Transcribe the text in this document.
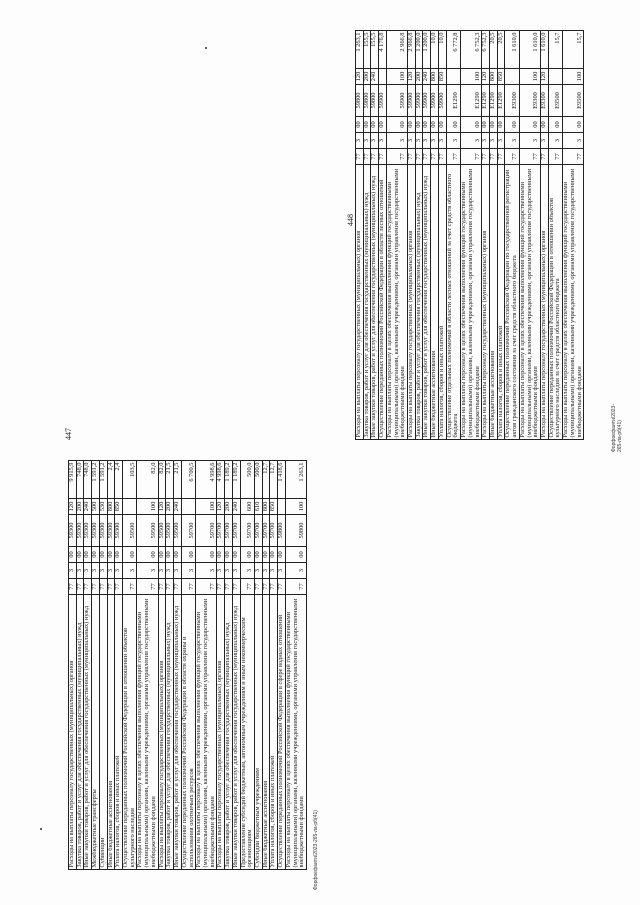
447
448
Форфоефаити/2023-265-ла-рб(41)
Форфоефаити/2023-265-ла-рб(41)
Расходы на выплаты персоналу государственных (муниципальных) органов	77	3	00	59300	120	9 915,9
Закупка товаров, работ и услуг для обеспечения государственных (муниципальных) нужд	77	3	00	59300	200	748,0
Иные закупки товаров, работ и услуг для обеспечения государственных (муниципальных) нужд	77	3	00	59300	240	748,0
Межбюджетные трансферты	77	3	00	59300	500	1 591,2
Субвенции	77	3	00	59300	530	1 591,2
Иные бюджетные ассигнования	77	3	00	59300	800	2,4
Уплата налогов, сборов и иных платежей	77	3	00	59300	850	2,4
Осуществление переданных полномочий Российской Федерации в отношении объектов культурного наследия	77	3	00	59500		103,5
Расходы на выплаты персоналу в целях обеспечения выполнения функций государственными (муниципальными) органами, казенными учреждениями, органами управления государственными внебюджетными фондами	77	3	00	59500	100	82,0
Расходы на выплаты персоналу государственных (муниципальных) органов	77	3	00	59500	120	82,0
Закупка товаров, работ и услуг для обеспечения государственных (муниципальных) нужд	77	3	00	59500	200	21,5
Иные закупки товаров, работ и услуг для обеспечения государственных (муниципальных) нужд	77	3	00	59500	240	21,5
Осуществление переданных полномочий Российской Федерации в области охраны и использования охотничьих ресурсов	77	3	00	59700		6 700,5
Расходы на выплаты персоналу в целях обеспечения выполнения функций государственными (муниципальными) органами, казенными учреждениями, органами управления государственными внебюджетными фондами	77	3	00	59700	100	4 998,6
Расходы на выплаты персоналу государственных (муниципальных) органов	77	3	00	59700	120	4 998,6
Закупка товаров, работ и услуг для обеспечения государственных (муниципальных) нужд	77	3	00	59700	200	1 189,2
Иные закупки товаров, работ и услуг для обеспечения государственных (муниципальных) нужд	77	3	00	59700	240	1 189,2
Предоставление субсидий бюджетным, автономным учреждениям и иным некоммерческим организациям	77	3	00	59700	600	500,0
Субсидии бюджетным учреждениям	77	3	00	59700	610	500,0
Иные бюджетные ассигнования	77	3	00	59700	800	12,7
Уплата налогов, сборов и иных платежей	77	3	00	59700	850	12,7
Осуществление переданных полномочий Российской Федерации в сфере водных отношений	77	3	00	59800		1 418,6
Расходы на выплаты персоналу в целях обеспечения выполнения функций государственными (муниципальными) органами, казенными учреждениями, органами управления государственными внебюджетными фондами	77	3	00	59800	100	1 263,1
Расходы на выплаты персоналу государственных (муниципальных) органов	77	3	00	59800	120	1 263,1
Закупка товаров, работ и услуг для обеспечения государственных (муниципальных) нужд	77	3	00	59800	200	155,5
Иные закупки товаров, работ и услуг для обеспечения государственных (муниципальных) нужд	77	3	00	59800	240	155,5
Осуществление переданных полномочий Российской Федерации в области лесных отношений	77	3	00	59900		4 176,8
Расходы на выплаты персоналу в целях обеспечения выполнения функций государственными (муниципальными) органами, казенными учреждениями, органами управления государственными внебюджетными фондами	77	3	00	59900	100	2 966,8
Расходы на выплаты персоналу государственных (муниципальных) органов	77	3	00	59900	120	2 966,8
Закупка товаров, работ и услуг для обеспечения государственных (муниципальных) нужд	77	3	00	59900	200	1 200,0
Иные закупки товаров, работ и услуг для обеспечения государственных (муниципальных) нужд	77	3	00	59900	240	1 200,0
Иные бюджетные ассигнования	77	3	00	59900	800	10,0
Уплата налогов, сборов и иных платежей	77	3	00	59900	850	10,0
Осуществление отдельных полномочий в области лесных отношений за счет средств областного бюджета	77	3	00	Е1290		6 772,8
Расходы на выплаты персоналу в целях обеспечения выполнения функций государственными (муниципальными) органами, казенными учреждениями, органами управления государственными внебюджетными фондами	77	3	00	Е1290	100	6 752,3
Расходы на выплаты персоналу государственных (муниципальных) органов	77	3	00	Е1290	120	6 752,3
Иные бюджетные ассигнования	77	3	00	Е1290	800	20,5
Уплата налогов, сборов и иных платежей	77	3	00	Е1290	850	20,5
Осуществление переданных полномочий Российской Федерации по государственной регистрации актов гражданского состояния за счет средств областного бюджета	77	3	00	Е9300		1 610,0
Расходы на выплаты персоналу в целях обеспечения выполнения функций государственными (муниципальными) органами, казенными учреждениями, органами управления государственными внебюджетными фондами	77	3	00	Е9300	100	1 610,0
Расходы на выплаты персоналу государственных (муниципальных) органов	77	3	00	Е9300	120	1 610,0
Осуществление переданных полномочий Российской Федерации в отношении объектов культурного наследия за счет средств областного бюджета	77	3	00	Е9500		15,7
Расходы на выплаты персоналу в целях обеспечения выполнения функций государственными (муниципальными) органами, казенными учреждениями, органами управления государственными внебюджетными фондами	77	3	00	Е9500	100	15,7
